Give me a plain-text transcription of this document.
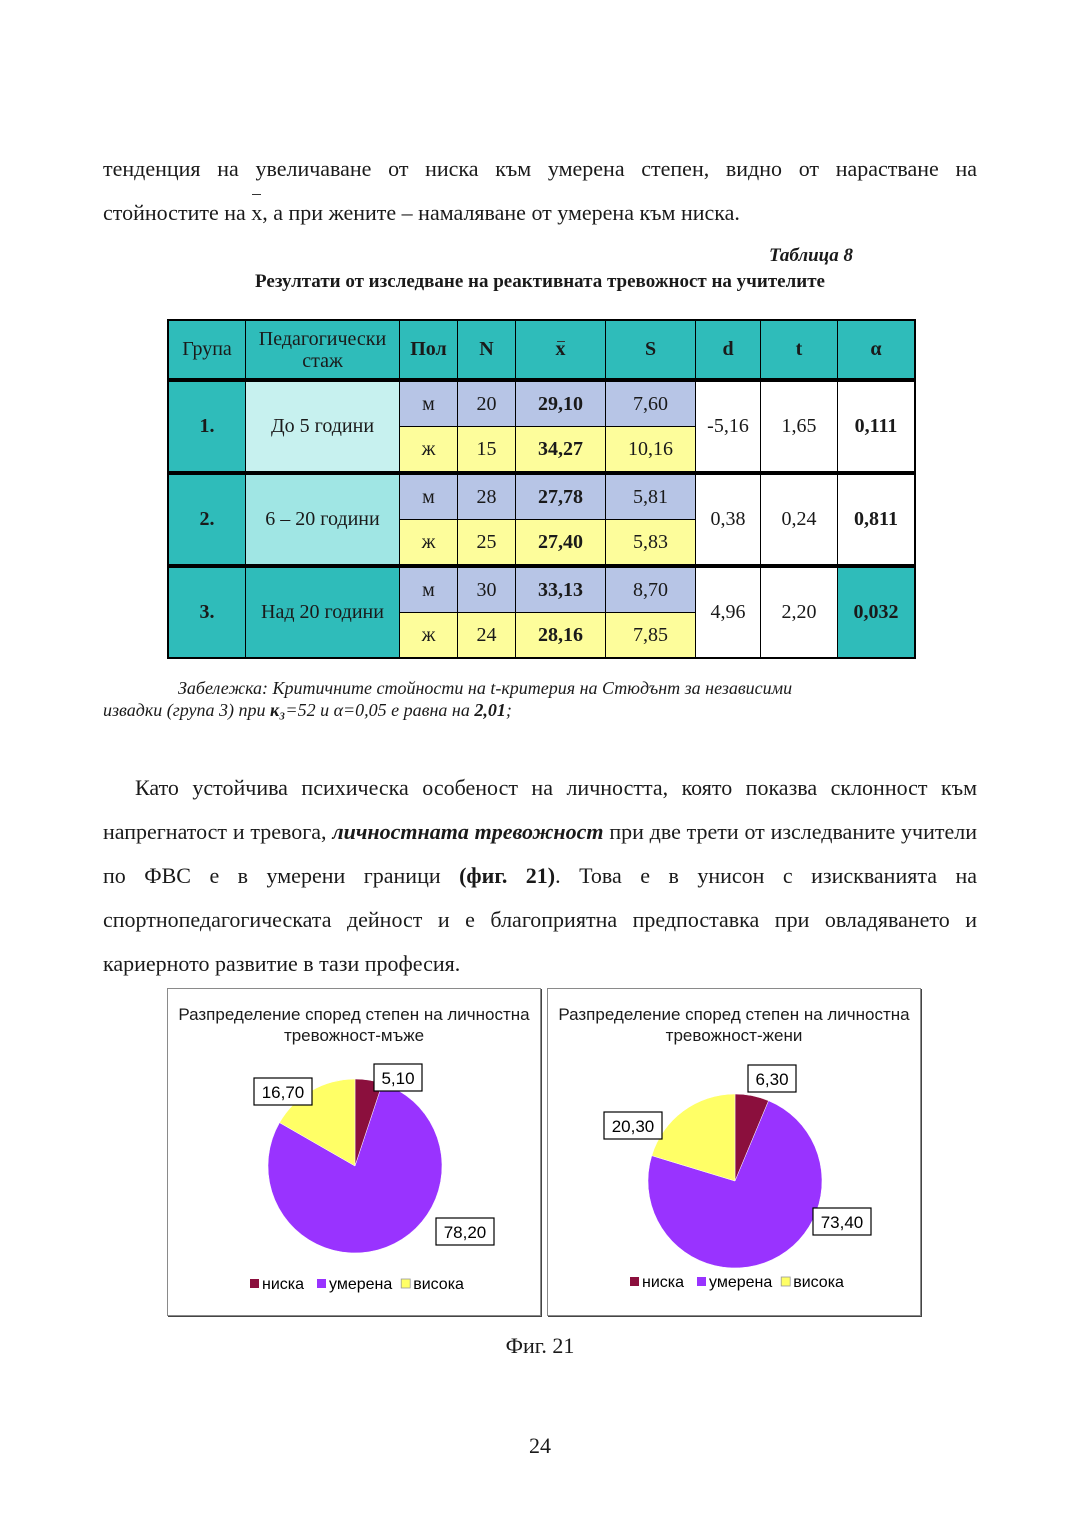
тенденция на увеличаване от ниска към умерена степен, видно от нарастване на
стойностите на x, а при жените – намаляване от умерена към ниска.
Таблица 8
Резултати от изследване на реактивната тревожност на учителите
Група	Педагогически стаж	Пол	N	x	S	d	t	α
1.	До 5 години	м	20	29,10	7,60	-5,16	1,65	0,111
		ж	15	34,27	10,16			
2.	6 – 20 години	м	28	27,78	5,81	0,38	0,24	0,811
		ж	25	27,40	5,83			
3.	Над 20 години	м	30	33,13	8,70	4,96	2,20	0,032
		ж	24	28,16	7,85			
Забележка: Критичните стойности на t-критерия на Стюдънт за независими
извадки (група 3) при к₃=52 и α=0,05 е равна на 2,01;
Като устойчива психическа особеност на личността, която показва склонност към напрегнатост и тревога, личностната тревожност при две трети от изследваните учители по ФВС е в умерени граници (фиг. 21). Това е в унисон с изискванията на спортнопедагогическата дейност и е благоприятна предпоставка при овладяването и кариерното развитие в тази професия.
Разпределение според степен на личностна тревожност-мъже
5,10
78,20
16,70
ниска умерена висока
Разпределение според степен на личностна тревожност-жени
6,30
73,40
20,30
ниска умерена висока
Фиг. 21
24
